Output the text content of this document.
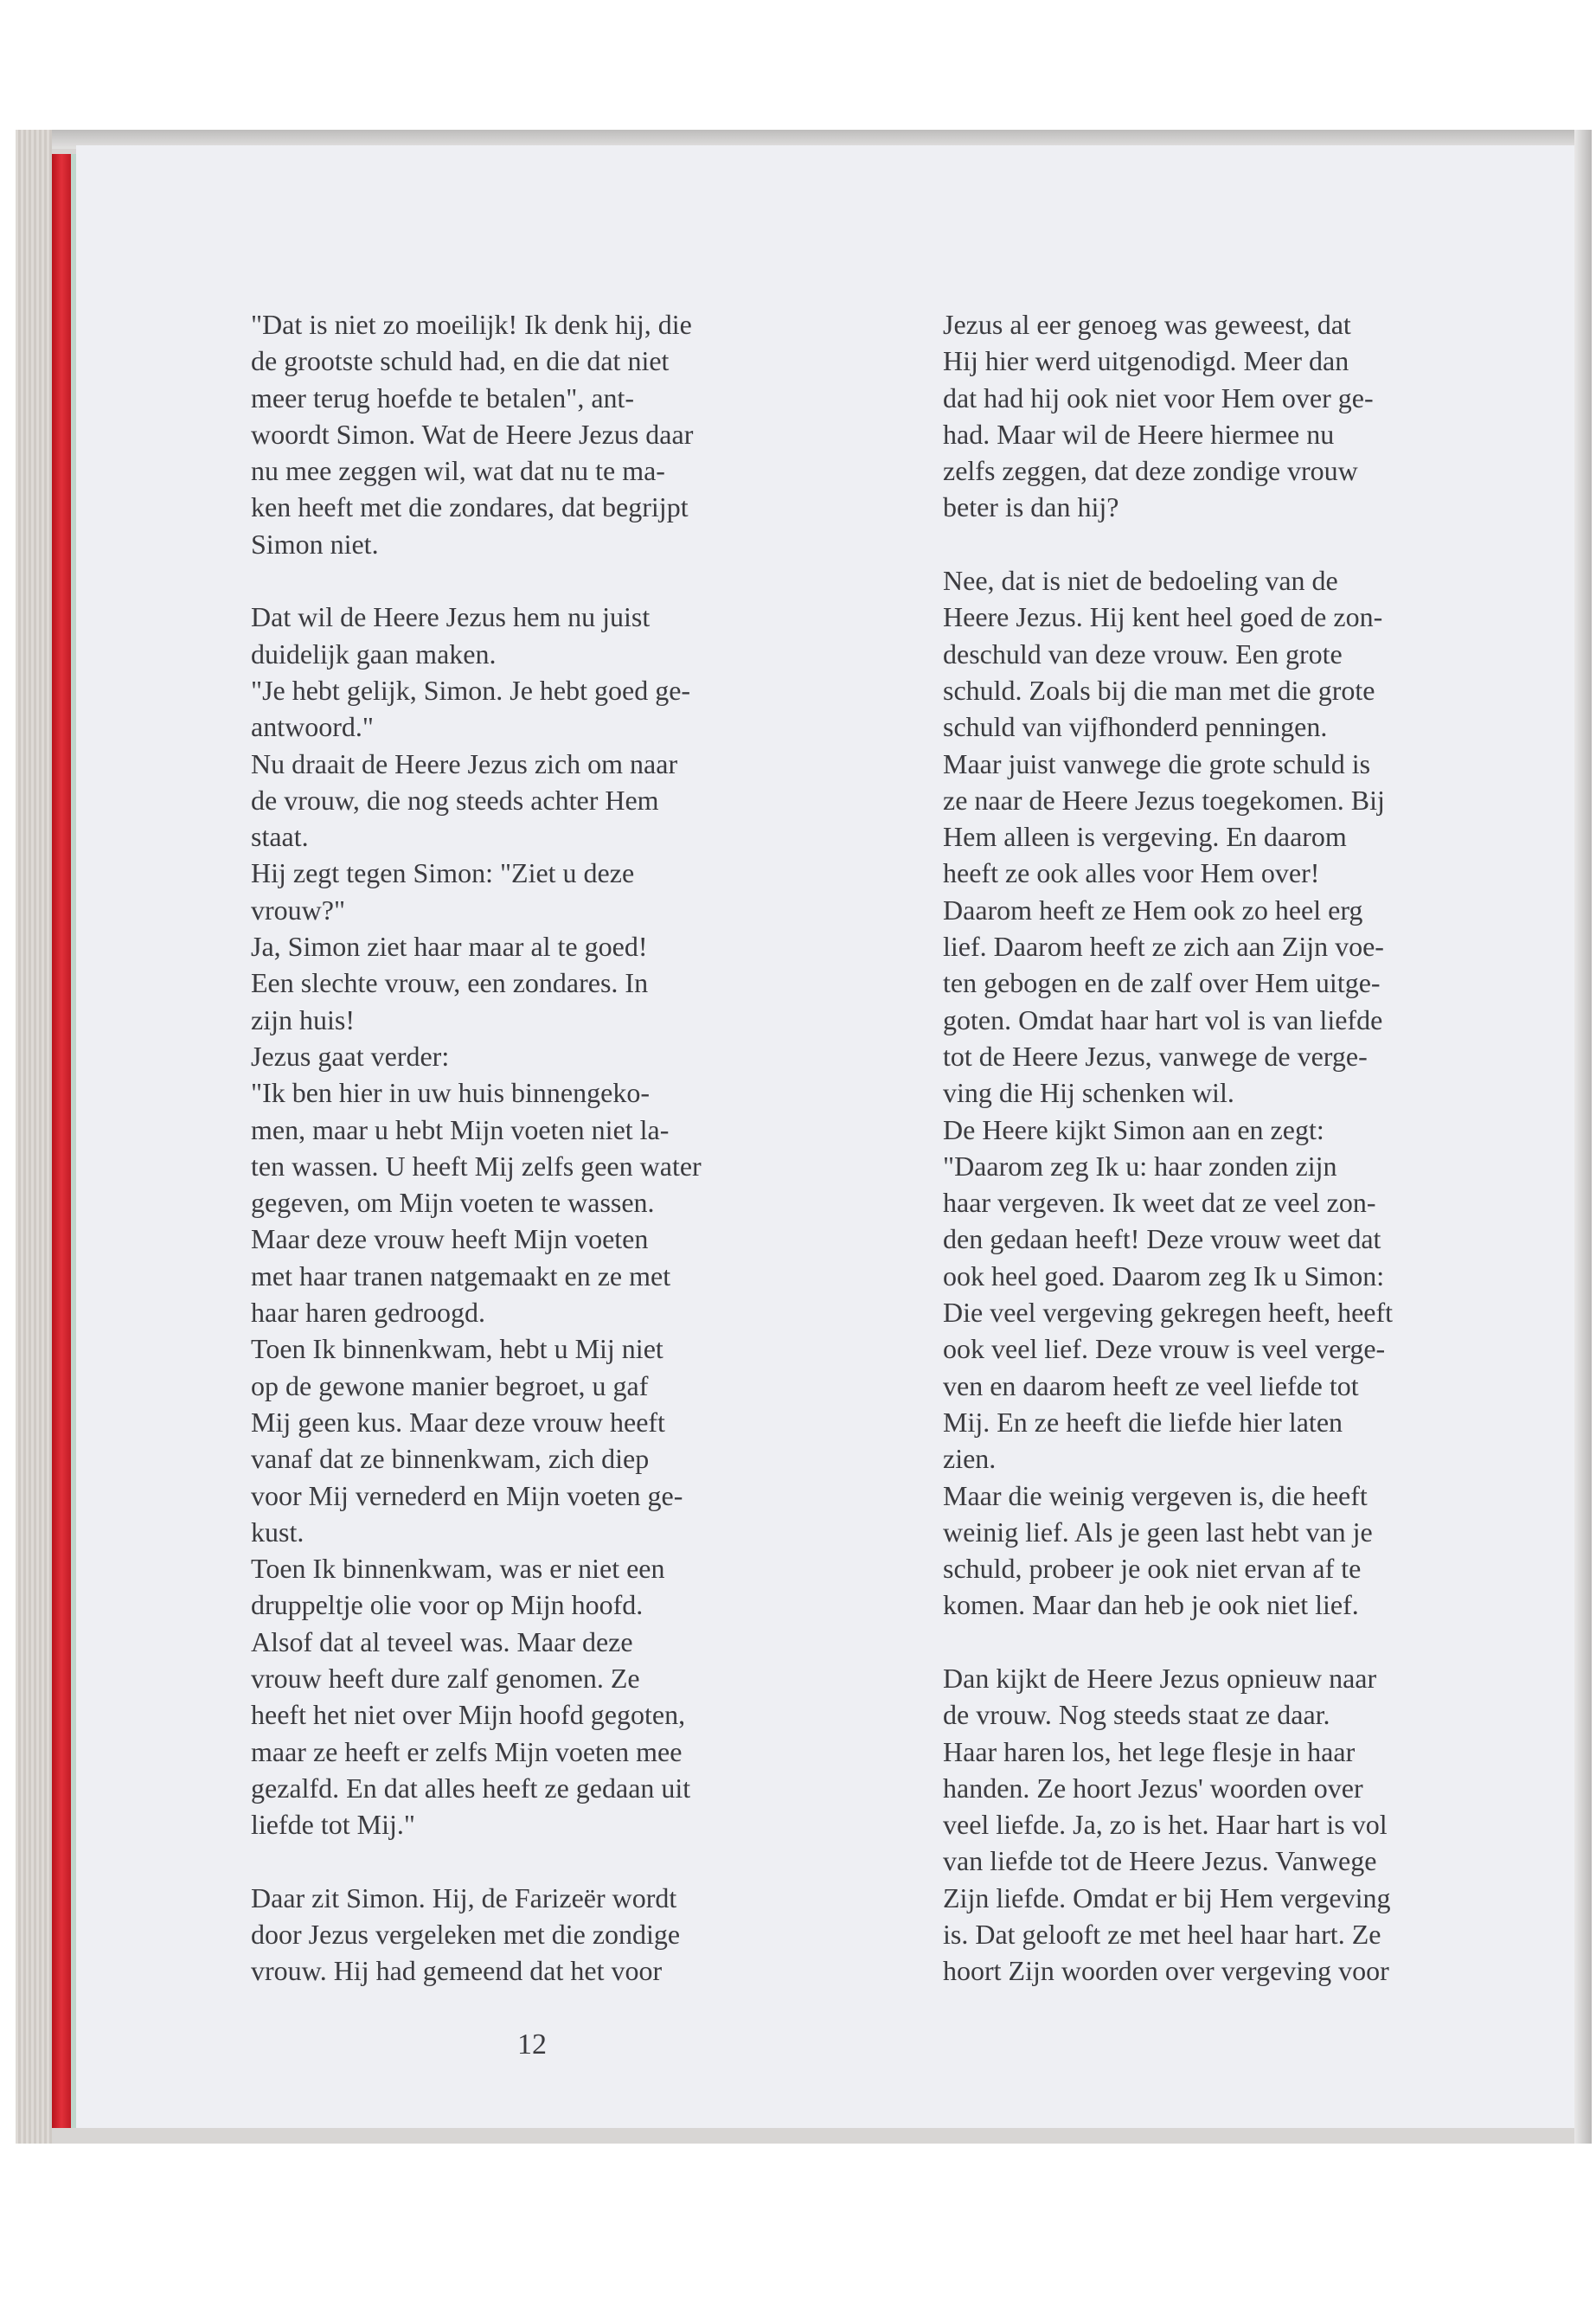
"Dat is niet zo moeilijk! Ik denk hij, die
de grootste schuld had, en die dat niet
meer terug hoefde te betalen", ant-
woordt Simon. Wat de Heere Jezus daar
nu mee zeggen wil, wat dat nu te ma-
ken heeft met die zondares, dat begrijpt
Simon niet.
Dat wil de Heere Jezus hem nu juist
duidelijk gaan maken.
"Je hebt gelijk, Simon. Je hebt goed ge-
antwoord."
Nu draait de Heere Jezus zich om naar
de vrouw, die nog steeds achter Hem
staat.
Hij zegt tegen Simon: "Ziet u deze
vrouw?"
Ja, Simon ziet haar maar al te goed!
Een slechte vrouw, een zondares. In
zijn huis!
Jezus gaat verder:
"Ik ben hier in uw huis binnengeko-
men, maar u hebt Mijn voeten niet la-
ten wassen. U heeft Mij zelfs geen water
gegeven, om Mijn voeten te wassen.
Maar deze vrouw heeft Mijn voeten
met haar tranen natgemaakt en ze met
haar haren gedroogd.
Toen Ik binnenkwam, hebt u Mij niet
op de gewone manier begroet, u gaf
Mij geen kus. Maar deze vrouw heeft
vanaf dat ze binnenkwam, zich diep
voor Mij vernederd en Mijn voeten ge-
kust.
Toen Ik binnenkwam, was er niet een
druppeltje olie voor op Mijn hoofd.
Alsof dat al teveel was. Maar deze
vrouw heeft dure zalf genomen. Ze
heeft het niet over Mijn hoofd gegoten,
maar ze heeft er zelfs Mijn voeten mee
gezalfd. En dat alles heeft ze gedaan uit
liefde tot Mij."
Daar zit Simon. Hij, de Farizeër wordt
door Jezus vergeleken met die zondige
vrouw. Hij had gemeend dat het voor
Jezus al eer genoeg was geweest, dat
Hij hier werd uitgenodigd. Meer dan
dat had hij ook niet voor Hem over ge-
had. Maar wil de Heere hiermee nu
zelfs zeggen, dat deze zondige vrouw
beter is dan hij?
Nee, dat is niet de bedoeling van de
Heere Jezus. Hij kent heel goed de zon-
deschuld van deze vrouw. Een grote
schuld. Zoals bij die man met die grote
schuld van vijfhonderd penningen.
Maar juist vanwege die grote schuld is
ze naar de Heere Jezus toegekomen. Bij
Hem alleen is vergeving. En daarom
heeft ze ook alles voor Hem over!
Daarom heeft ze Hem ook zo heel erg
lief. Daarom heeft ze zich aan Zijn voe-
ten gebogen en de zalf over Hem uitge-
goten. Omdat haar hart vol is van liefde
tot de Heere Jezus, vanwege de verge-
ving die Hij schenken wil.
De Heere kijkt Simon aan en zegt:
"Daarom zeg Ik u: haar zonden zijn
haar vergeven. Ik weet dat ze veel zon-
den gedaan heeft! Deze vrouw weet dat
ook heel goed. Daarom zeg Ik u Simon:
Die veel vergeving gekregen heeft, heeft
ook veel lief. Deze vrouw is veel verge-
ven en daarom heeft ze veel liefde tot
Mij. En ze heeft die liefde hier laten
zien.
Maar die weinig vergeven is, die heeft
weinig lief. Als je geen last hebt van je
schuld, probeer je ook niet ervan af te
komen. Maar dan heb je ook niet lief.
Dan kijkt de Heere Jezus opnieuw naar
de vrouw. Nog steeds staat ze daar.
Haar haren los, het lege flesje in haar
handen. Ze hoort Jezus' woorden over
veel liefde. Ja, zo is het. Haar hart is vol
van liefde tot de Heere Jezus. Vanwege
Zijn liefde. Omdat er bij Hem vergeving
is. Dat gelooft ze met heel haar hart. Ze
hoort Zijn woorden over vergeving voor
12
